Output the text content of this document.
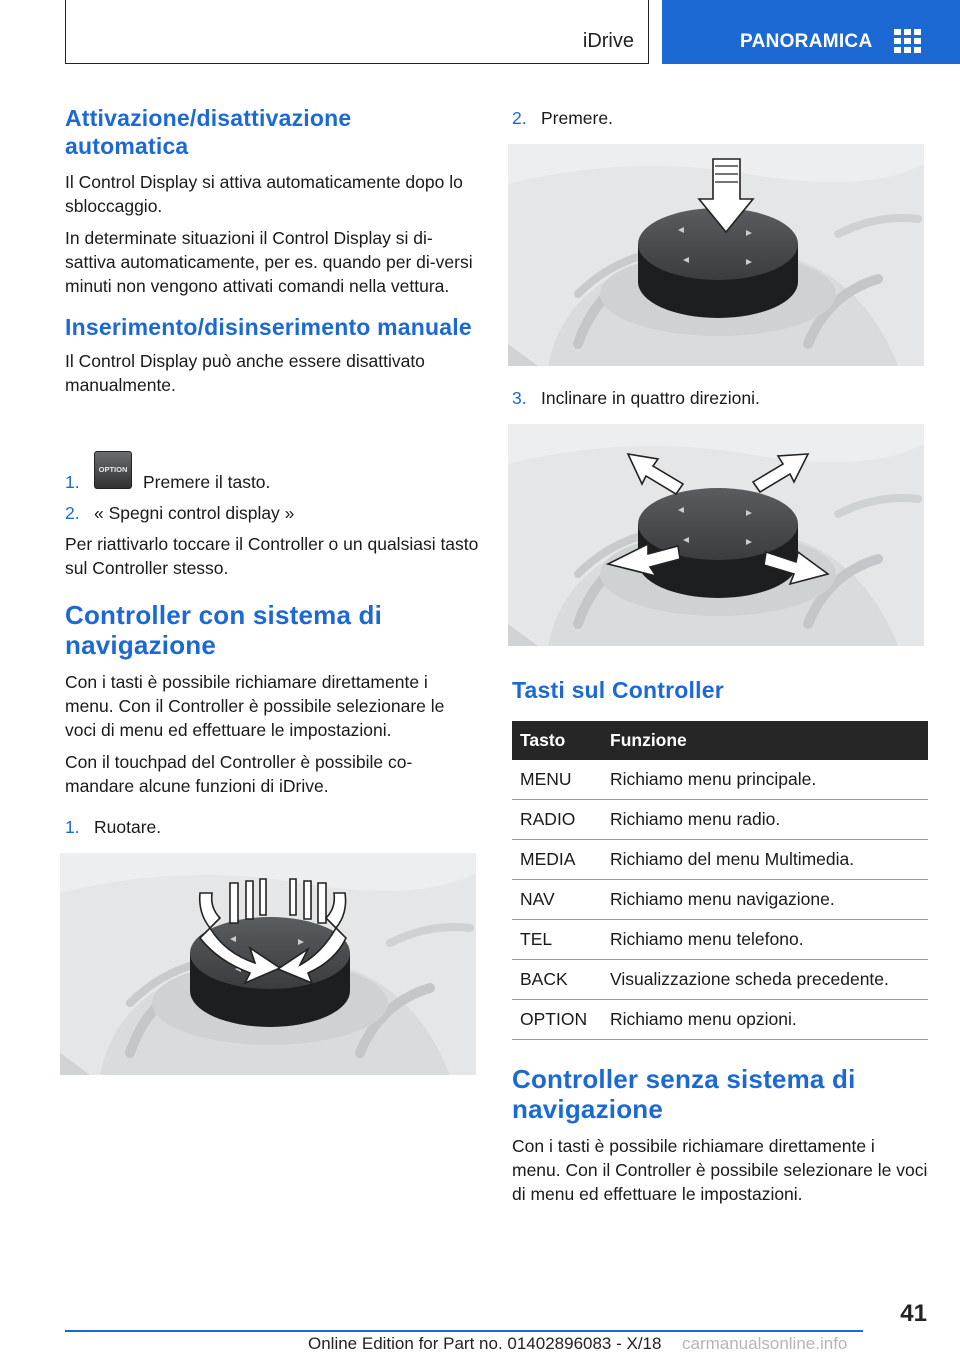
iDrive	PANORAMICA
Attivazione/disattivazione automatica

Il Control Display si attiva automaticamente dopo lo sbloccaggio.

In determinate situazioni il Control Display si di-sattiva automaticamente, per es. quando per di-versi minuti non vengono attivati comandi nella vettura.

Inserimento/disinserimento manuale

Il Control Display può anche essere disattivato manualmente.

1.	Premere il tasto.
OPTION
2. « Spegni control display »

Per riattivarlo toccare il Controller o un qualsiasi tasto sul Controller stesso.

Controller con sistema di navigazione

Con i tasti è possibile richiamare direttamente i menu. Con il Controller è possibile selezionare le voci di menu ed effettuare le impostazioni.

Con il touchpad del Controller è possibile co-mandare alcune funzioni di iDrive.

1. Ruotare.
2. Premere.
3. Inclinare in quattro direzioni.
Tasti sul Controller
Tasto	Funzione
MENU	Richiamo menu principale.
RADIO	Richiamo menu radio.
MEDIA	Richiamo del menu Multimedia.
NAV	Richiamo menu navigazione.
TEL	Richiamo menu telefono.
BACK	Visualizzazione scheda precedente.
OPTION	Richiamo menu opzioni.
Controller senza sistema di navigazione

Con i tasti è possibile richiamare direttamente i menu. Con il Controller è possibile selezionare le voci di menu ed effettuare le impostazioni.

41
Online Edition for Part no. 01402896083 - X/18 carmanualsonline.info
